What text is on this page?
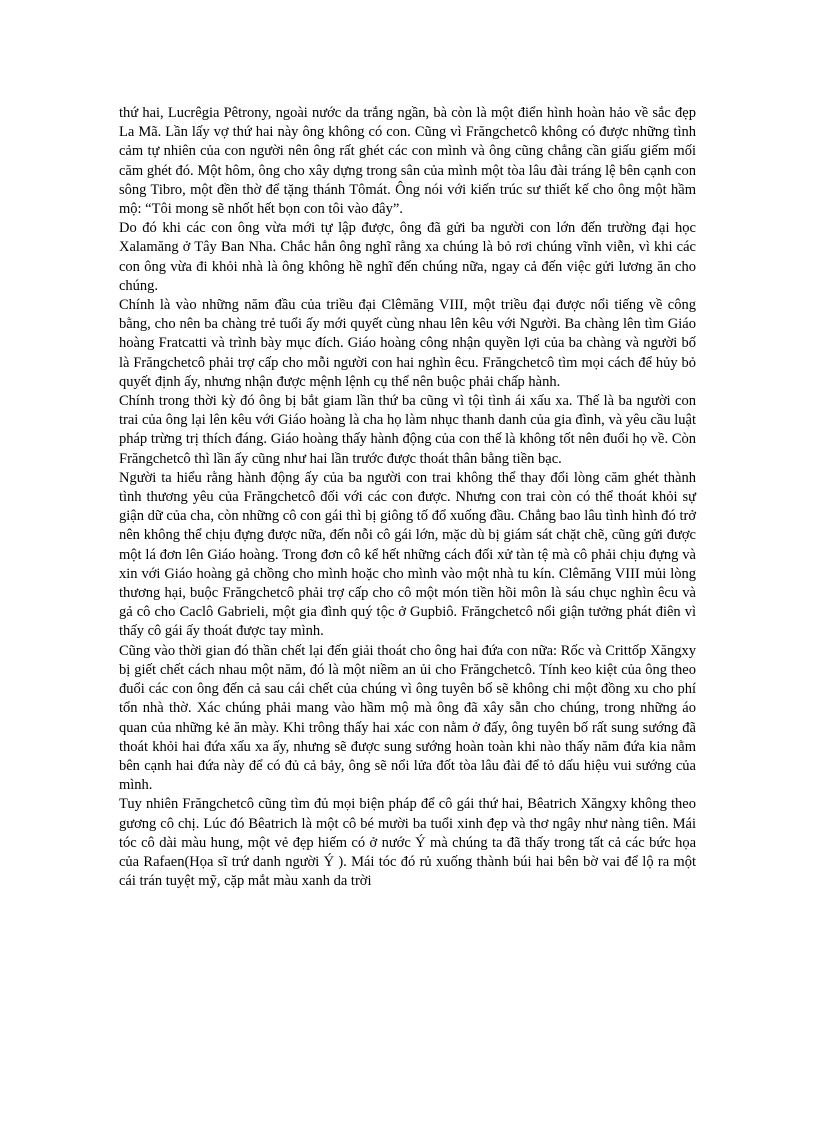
thứ hai, Lucrêgia Pêtrony, ngoài nước da trắng ngần, bà còn là một điển hình hoàn hảo về sắc đẹp La Mã. Lần lấy vợ thứ hai này ông không có con. Cũng vì Frăngchetcô không có được những tình cảm tự nhiên của con người nên ông rất ghét các con mình và ông cũng chẳng cần giấu giếm mối căm ghét đó. Một hôm, ông cho xây dựng trong sân của mình một tòa lâu đài tráng lệ bên cạnh con sông Tibro, một đền thờ để tặng thánh Tômát. Ông nói với kiến trúc sư thiết kế cho ông một hầm mộ: “Tôi mong sẽ nhốt hết bọn con tôi vào đây”.

Do đó khi các con ông vừa mới tự lập được, ông đã gửi ba người con lớn đến trường đại học Xalamăng ở Tây Ban Nha. Chắc hẳn ông nghĩ rằng xa chúng là bỏ rơi chúng vĩnh viễn, vì khi các con ông vừa đi khỏi nhà là ông không hề nghĩ đến chúng nữa, ngay cả đến việc gửi lương ăn cho chúng.

Chính là vào những năm đầu của triều đại Clêmăng VIII, một triều đại được nổi tiếng về công bằng, cho nên ba chàng trẻ tuổi ấy mới quyết cùng nhau lên kêu với Người. Ba chàng lên tìm Giáo hoàng Fratcatti và trình bày mục đích. Giáo hoàng công nhận quyền lợi của ba chàng và người bố là Frăngchetcô phải trợ cấp cho mỗi người con hai nghìn êcu. Frăngchetcô tìm mọi cách để hủy bỏ quyết định ấy, nhưng nhận được mệnh lệnh cụ thể nên buộc phải chấp hành.

Chính trong thời kỳ đó ông bị bắt giam lần thứ ba cũng vì tội tình ái xấu xa. Thế là ba người con trai của ông lại lên kêu với Giáo hoàng là cha họ làm nhục thanh danh của gia đình, và yêu cầu luật pháp trừng trị thích đáng. Giáo hoàng thấy hành động của con thế là không tốt nên đuổi họ về. Còn Frăngchetcô thì lần ấy cũng như hai lần trước được thoát thân bằng tiền bạc.

Người ta hiểu rằng hành động ấy của ba người con trai không thể thay đổi lòng căm ghét thành tình thương yêu của Frăngchetcô đối với các con được. Nhưng con trai còn có thể thoát khỏi sự giận dữ của cha, còn những cô con gái thì bị giông tố đổ xuống đầu. Chẳng bao lâu tình hình đó trở nên không thể chịu đựng được nữa, đến nỗi cô gái lớn, mặc dù bị giám sát chặt chẽ, cũng gửi được một lá đơn lên Giáo hoàng. Trong đơn cô kể hết những cách đối xử tàn tệ mà cô phải chịu đựng và xin với Giáo hoàng gả chồng cho mình hoặc cho mình vào một nhà tu kín. Clêmăng VIII mủi lòng thương hại, buộc Frăngchetcô phải trợ cấp cho cô một món tiền hồi môn là sáu chục nghìn êcu và gả cô cho Caclô Gabrieli, một gia đình quý tộc ở Gupbiô. Frăngchetcô nổi giận tưởng phát điên vì thấy cô gái ấy thoát được tay mình.

Cũng vào thời gian đó thần chết lại đến giải thoát cho ông hai đứa con nữa: Rốc và Crittốp Xăngxy bị giết chết cách nhau một năm, đó là một niềm an ủi cho Frăngchetcô. Tính keo kiệt của ông theo đuổi các con ông đến cả sau cái chết của chúng vì ông tuyên bố sẽ không chi một đồng xu cho phí tổn nhà thờ. Xác chúng phải mang vào hầm mộ mà ông đã xây sẵn cho chúng, trong những áo quan của những kẻ ăn mày. Khi trông thấy hai xác con nằm ở đấy, ông tuyên bố rất sung sướng đã thoát khỏi hai đứa xấu xa ấy, nhưng sẽ được sung sướng hoàn toàn khi nào thấy năm đứa kia nằm bên cạnh hai đứa này để có đủ cả bảy, ông sẽ nổi lửa đốt tòa lâu đài để tỏ dấu hiệu vui sướng của mình.

Tuy nhiên Frăngchetcô cũng tìm đủ mọi biện pháp để cô gái thứ hai, Bêatrich Xăngxy không theo gương cô chị. Lúc đó Bêatrich là một cô bé mười ba tuổi xinh đẹp và thơ ngây như nàng tiên. Mái tóc cô dài màu hung, một vẻ đẹp hiếm có ở nước Ý mà chúng ta đã thấy trong tất cả các bức họa của Rafaen(Họa sĩ trứ danh người Ý ). Mái tóc đó rủ xuống thành búi hai bên bờ vai để lộ ra một cái trán tuyệt mỹ, cặp mắt màu xanh da trời
